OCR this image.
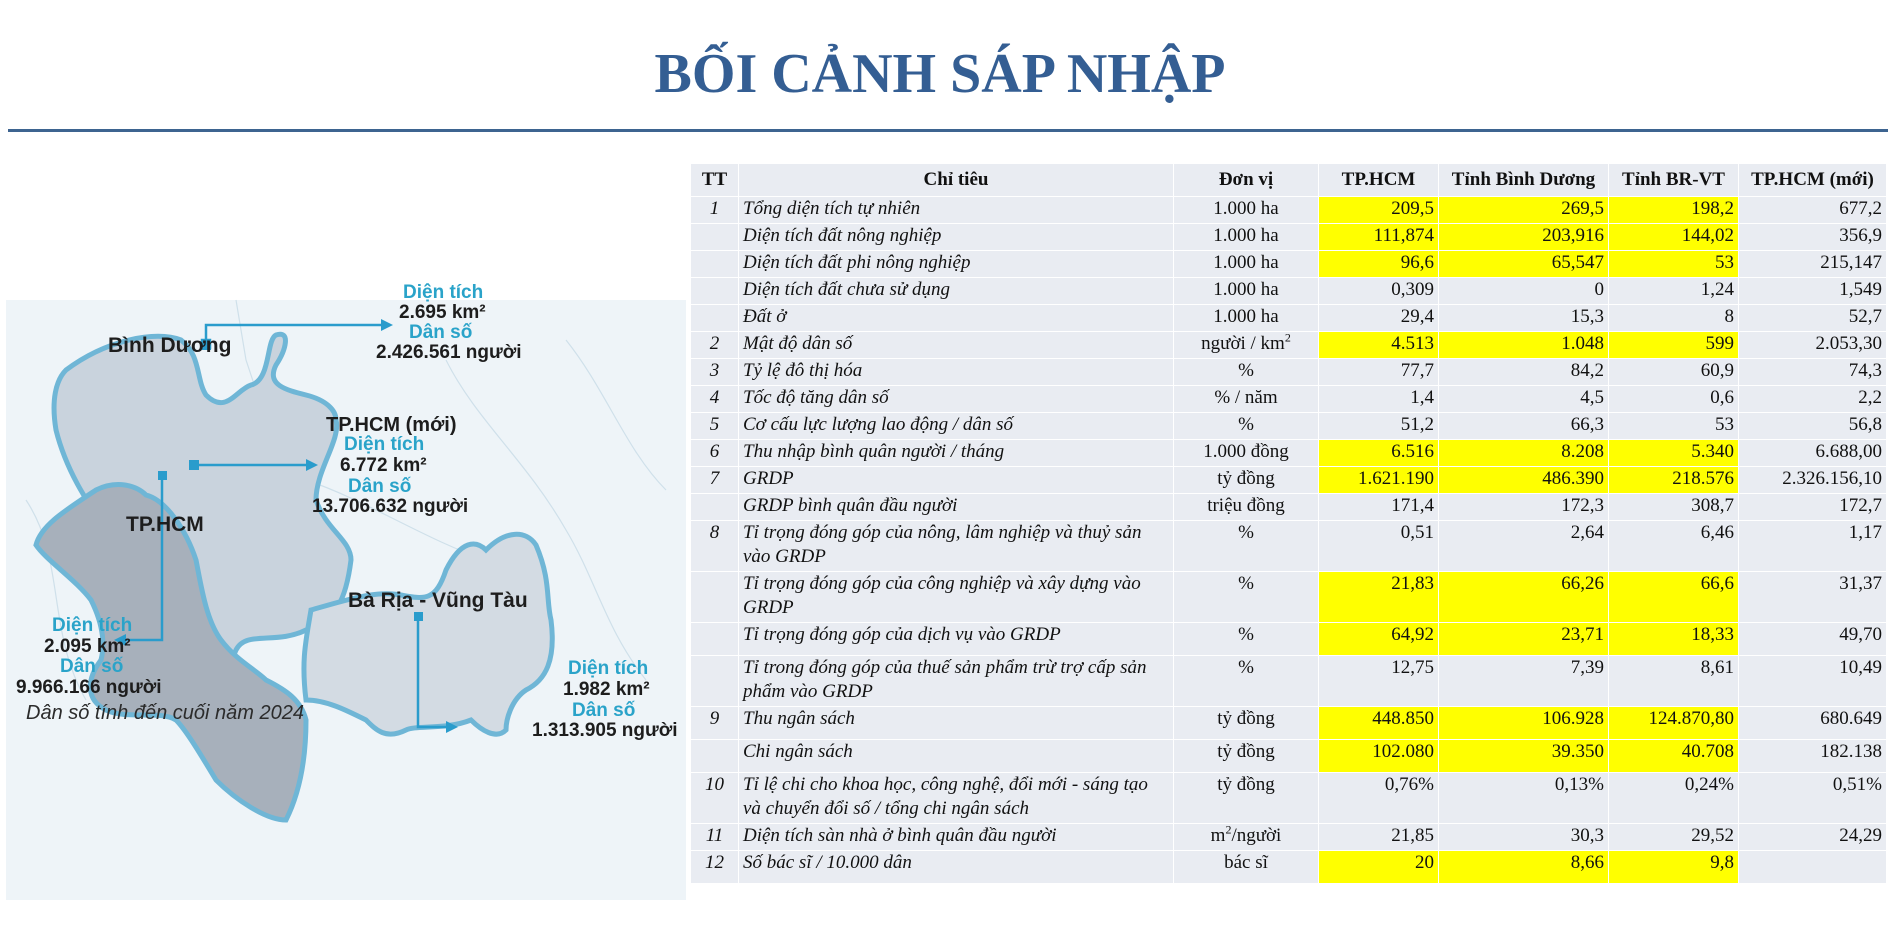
BỐI CẢNH SÁP NHẬP
Diện tích
2.695 km²
Dân số
2.426.561 người
Bình Dương
TP.HCM (mới)
Diện tích
6.772 km²
Dân số
13.706.632 người
TP.HCM
Diện tích
2.095 km²
Dân số
9.966.166 người
Bà Rịa - Vũng Tàu
Diện tích
1.982 km²
Dân số
1.313.905 người
Dân số tính đến cuối năm 2024
TT	Chỉ tiêu	Đơn vị	TP.HCM	Tỉnh Bình Dương	Tỉnh BR-VT	TP.HCM (mới)
1	Tổng diện tích tự nhiên	1.000 ha	209,5	269,5	198,2	677,2
	Diện tích đất nông nghiệp	1.000 ha	111,874	203,916	144,02	356,9
	Diện tích đất phi nông nghiệp	1.000 ha	96,6	65,547	53	215,147
	Diện tích đất chưa sử dụng	1.000 ha	0,309	0	1,24	1,549
	Đất ở	1.000 ha	29,4	15,3	8	52,7
2	Mật độ dân số	người / $km^2$	4.513	1.048	599	2.053,30
3	Tỷ lệ đô thị hóa	%	77,7	84,2	60,9	74,3
4	Tốc độ tăng dân số	% / năm	1,4	4,5	0,6	2,2
5	Cơ cấu lực lượng lao động / dân số	%	51,2	66,3	53	56,8
6	Thu nhập bình quân người / tháng	1.000 đồng	6.516	8.208	5.340	6.688,00
7	GRDP	tỷ đồng	1.621.190	486.390	218.576	2.326.156,10
	GRDP bình quân đầu người	triệu đồng	171,4	172,3	308,7	172,7
8	Tỉ trọng đóng góp của nông, lâm nghiệp và thuỷ sản vào GRDP	%	0,51	2,64	6,46	1,17
	Tỉ trọng đóng góp của công nghiệp và xây dựng vào GRDP	%	21,83	66,26	66,6	31,37
	Tỉ trọng đóng góp của dịch vụ vào GRDP	%	64,92	23,71	18,33	49,70
	Tỉ trong đóng góp của thuế sản phẩm trừ trợ cấp sản phẩm vào GRDP	%	12,75	7,39	8,61	10,49
9	Thu ngân sách	tỷ đồng	448.850	106.928	124.870,80	680.649
	Chi ngân sách	tỷ đồng	102.080	39.350	40.708	182.138
10	Tỉ lệ chi cho khoa học, công nghệ, đổi mới - sáng tạo và chuyển đổi số / tổng chi ngân sách	tỷ đồng	0,76%	0,13%	0,24%	0,51%
11	Diện tích sàn nhà ở bình quân đầu người	$m^2$/người	21,85	30,3	29,52	24,29
12	Số bác sĩ / 10.000 dân	bác sĩ	20	8,66	9,8	
